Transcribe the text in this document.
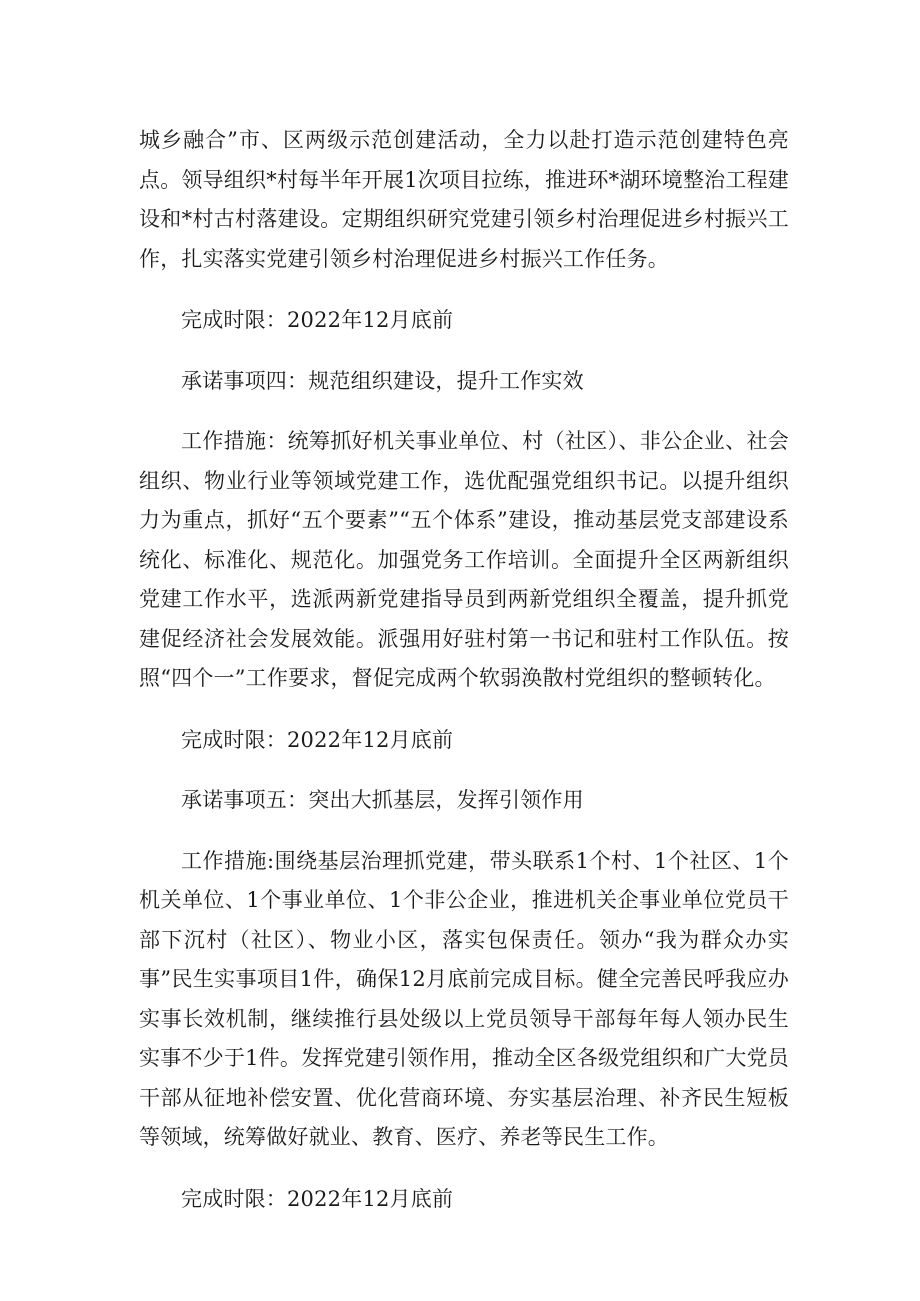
城乡融合”市、区两级示范创建活动，全力以赴打造示范创建特色亮点。领导组织*村每半年开展1次项目拉练，推进环*湖环境整治工程建设和*村古村落建设。定期组织研究党建引领乡村治理促进乡村振兴工作，扎实落实党建引领乡村治理促进乡村振兴工作任务。

完成时限：2022年12月底前

承诺事项四：规范组织建设，提升工作实效

工作措施：统筹抓好机关事业单位、村（社区）、非公企业、社会组织、物业行业等领域党建工作，选优配强党组织书记。以提升组织力为重点，抓好“五个要素”“五个体系”建设，推动基层党支部建设系统化、标准化、规范化。加强党务工作培训。全面提升全区两新组织党建工作水平，选派两新党建指导员到两新党组织全覆盖，提升抓党建促经济社会发展效能。派强用好驻村第一书记和驻村工作队伍。按照“四个一”工作要求，督促完成两个软弱涣散村党组织的整顿转化。

完成时限：2022年12月底前

承诺事项五：突出大抓基层，发挥引领作用

工作措施:围绕基层治理抓党建，带头联系1个村、1个社区、1个机关单位、1个事业单位、1个非公企业，推进机关企事业单位党员干部下沉村（社区）、物业小区，落实包保责任。领办“我为群众办实事”民生实事项目1件，确保12月底前完成目标。健全完善民呼我应办实事长效机制，继续推行县处级以上党员领导干部每年每人领办民生实事不少于1件。发挥党建引领作用，推动全区各级党组织和广大党员干部从征地补偿安置、优化营商环境、夯实基层治理、补齐民生短板等领域，统筹做好就业、教育、医疗、养老等民生工作。

完成时限：2022年12月底前
